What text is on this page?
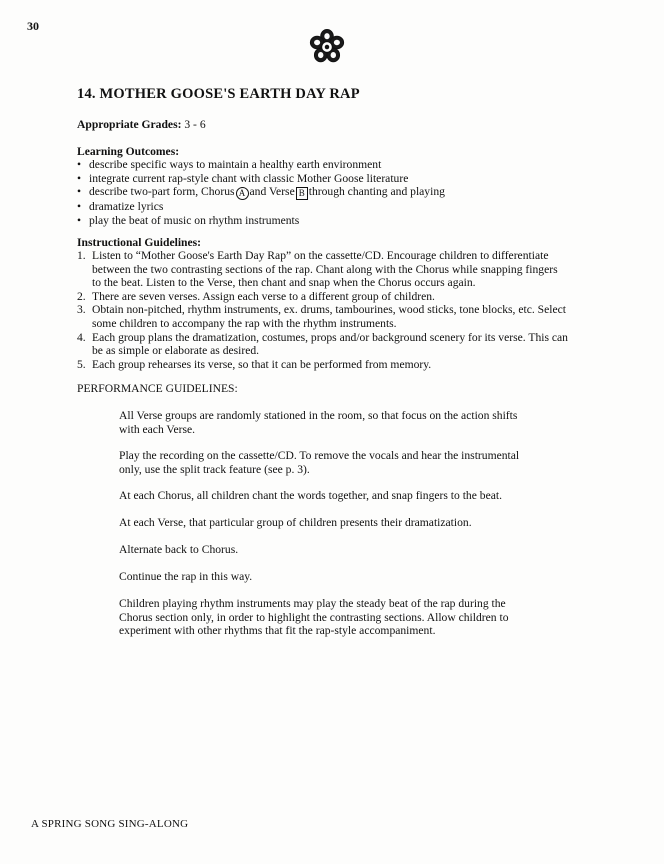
30
14. MOTHER GOOSE'S EARTH DAY RAP
Appropriate Grades: 3 - 6
Learning Outcomes:
• describe specific ways to maintain a healthy earth environment
• integrate current rap-style chant with classic Mother Goose literature
• describe two-part form, Chorus A and Verse B through chanting and playing
• dramatize lyrics
• play the beat of music on rhythm instruments
Instructional Guidelines:
1. Listen to “Mother Goose's Earth Day Rap” on the cassette/CD. Encourage children to differentiate
between the two contrasting sections of the rap. Chant along with the Chorus while snapping fingers
to the beat. Listen to the Verse, then chant and snap when the Chorus occurs again.
2. There are seven verses. Assign each verse to a different group of children.
3. Obtain non-pitched, rhythm instruments, ex. drums, tambourines, wood sticks, tone blocks, etc. Select
some children to accompany the rap with the rhythm instruments.
4. Each group plans the dramatization, costumes, props and/or background scenery for its verse. This can
be as simple or elaborate as desired.
5. Each group rehearses its verse, so that it can be performed from memory.
PERFORMANCE GUIDELINES:
All Verse groups are randomly stationed in the room, so that focus on the action shifts
with each Verse.
Play the recording on the cassette/CD. To remove the vocals and hear the instrumental
only, use the split track feature (see p. 3).
At each Chorus, all children chant the words together, and snap fingers to the beat.
At each Verse, that particular group of children presents their dramatization.
Alternate back to Chorus.
Continue the rap in this way.
Children playing rhythm instruments may play the steady beat of the rap during the
Chorus section only, in order to highlight the contrasting sections. Allow children to
experiment with other rhythms that fit the rap-style accompaniment.
A SPRING SONG SING-ALONG
